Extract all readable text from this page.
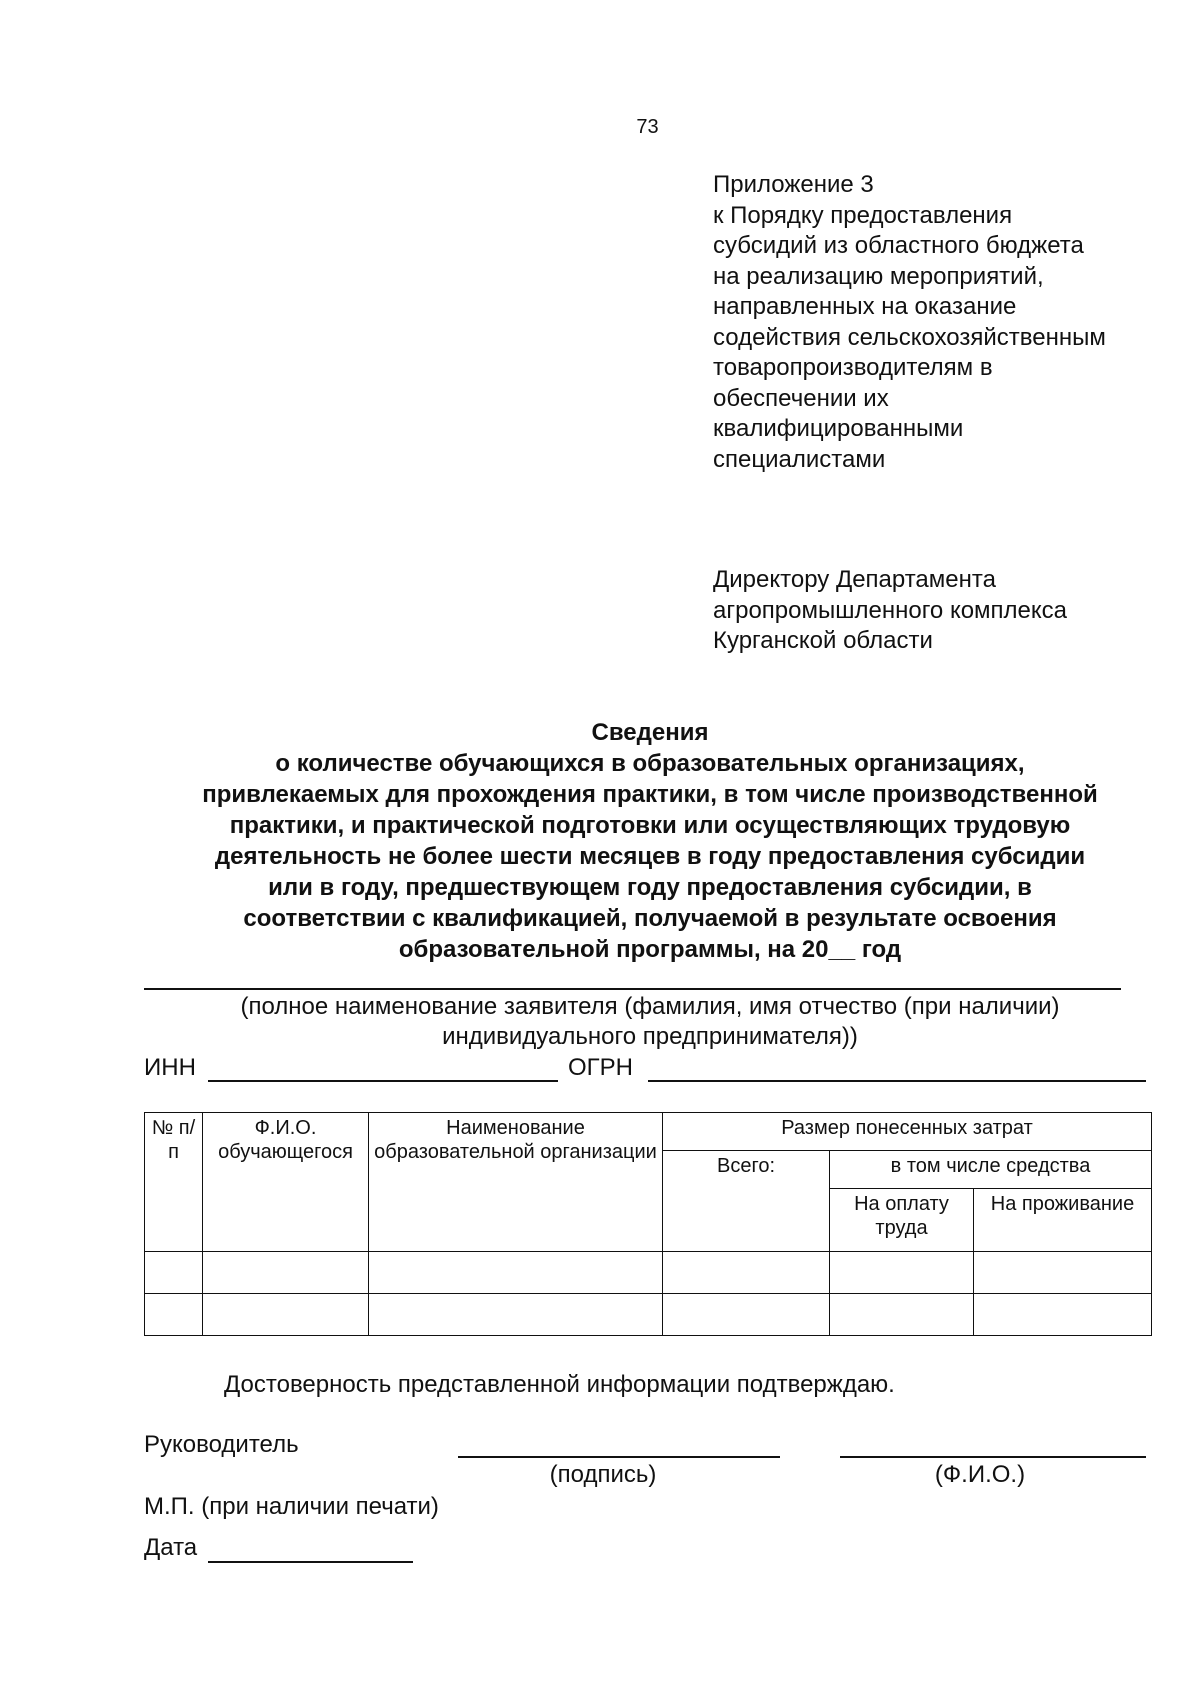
73
Приложение 3
к Порядку предоставления
субсидий из областного бюджета
на реализацию мероприятий,
направленных на оказание
содействия сельскохозяйственным
товаропроизводителям в
обеспечении их
квалифицированными
специалистами
Директору Департамента
агропромышленного комплекса
Курганской области
Сведения
о количестве обучающихся в образовательных организациях,
привлекаемых для прохождения практики, в том числе производственной
практики, и практической подготовки или осуществляющих трудовую
деятельность не более шести месяцев в году предоставления субсидии
или в году, предшествующем году предоставления субсидии, в
соответствии с квалификацией, получаемой в результате освоения
образовательной программы, на 20__ год
(полное наименование заявителя (фамилия, имя отчество (при наличии)
индивидуального предпринимателя))
ИНН	ОГРН
№ п/п	Ф.И.О. обучающегося	Наименование образовательной организации	Размер понесенных затрат		
			Всего:	в том числе средства	
				На оплату труда	На проживание

Достоверность представленной информации подтверждаю.
Руководитель
(подпись)	(Ф.И.О.)
М.П. (при наличии печати)
Дата
